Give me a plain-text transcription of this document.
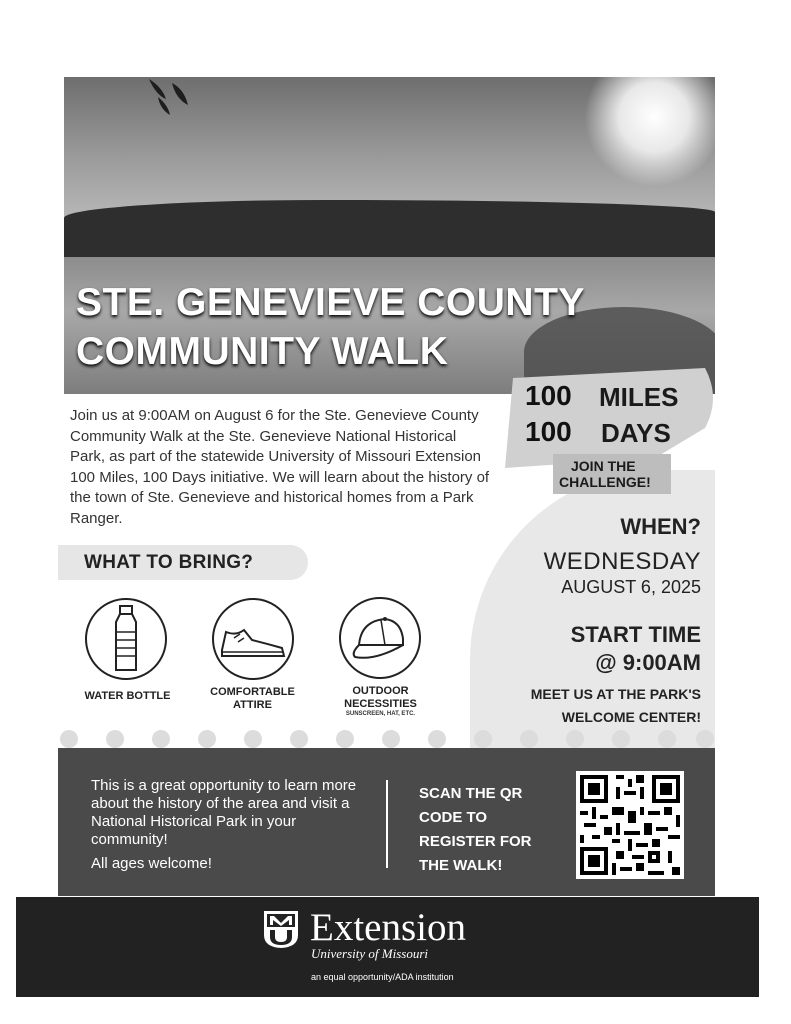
STE. GENEVIEVE COUNTY
COMMUNITY WALK
100 MILES
100 DAYS
JOIN THE
CHALLENGE!

Join us at 9:00AM on August 6 for the Ste. Genevieve County Community Walk at the Ste. Genevieve National Historical Park, as part of the statewide University of Missouri Extension 100 Miles, 100 Days initiative. We will learn about the history of the town of Ste. Genevieve and historical homes from a Park Ranger.

WHAT TO BRING?
WATER BOTTLE	COMFORTABLE
ATTIRE
OUTDOOR
NECESSITIES
SUNSCREEN, HAT, ETC.
WHEN?
WEDNESDAY
AUGUST 6, 2025
START TIME
@ 9:00AM
MEET US AT THE PARK'S
WELCOME CENTER!
This is a great opportunity to learn more about the history of the area and visit a National Historical Park in your community!
All ages welcome!
SCAN THE QR
CODE TO
REGISTER FOR
THE WALK!
Extension
University of Missouri
an equal opportunity/ADA institution
